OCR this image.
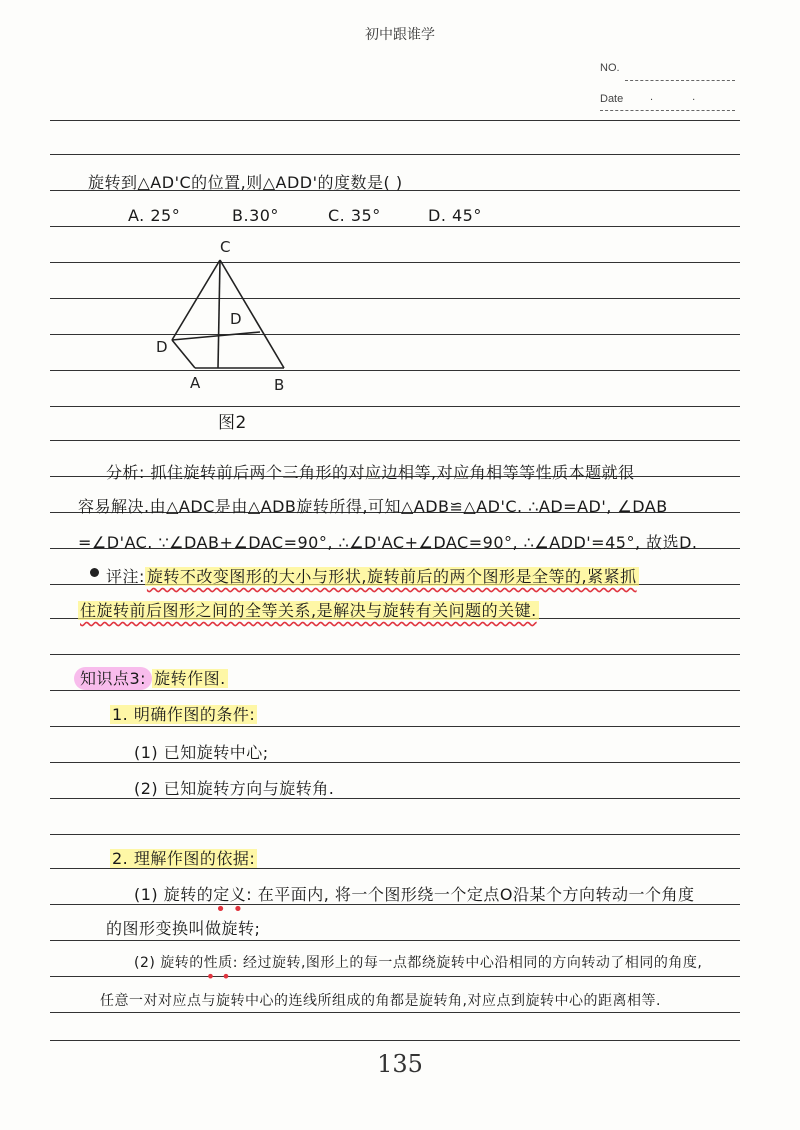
初中跟谁学
NO.
Date . .
旋转到△AD'C的位置,则△ADD'的度数是( )
A. 25°	B.30°	C. 35°	D. 45°
C
D
D
A	B
图2
分析: 抓住旋转前后两个三角形的对应边相等,对应角相等等性质本题就很
容易解决.由△ADC是由△ADB旋转所得,可知△ADB≌△AD'C. ∴AD=AD', ∠DAB
=∠D'AC. ∵∠DAB+∠DAC=90°, ∴∠D'AC+∠DAC=90°, ∴∠ADD'=45°, 故选D.
评注: 旋转不改变图形的大小与形状,旋转前后的两个图形是全等的,紧紧抓
住旋转前后图形之间的全等关系,是解决与旋转有关问题的关键.
知识点3: 旋转作图.
1. 明确作图的条件:
(1) 已知旋转中心;
(2) 已知旋转方向与旋转角.
2. 理解作图的依据:
(1) 旋转的定义
• •
: 在平面内, 将一个图形绕一个定点O沿某个方向转动一个角度
的图形变换叫做旋转;
(2) 旋转的性质
• •
: 经过旋转,图形上的每一点都绕旋转中心沿相同的方向转动了相同的角度,
任意一对对应点与旋转中心的连线所组成的角都是旋转角,对应点到旋转中心的距离相等.
135
